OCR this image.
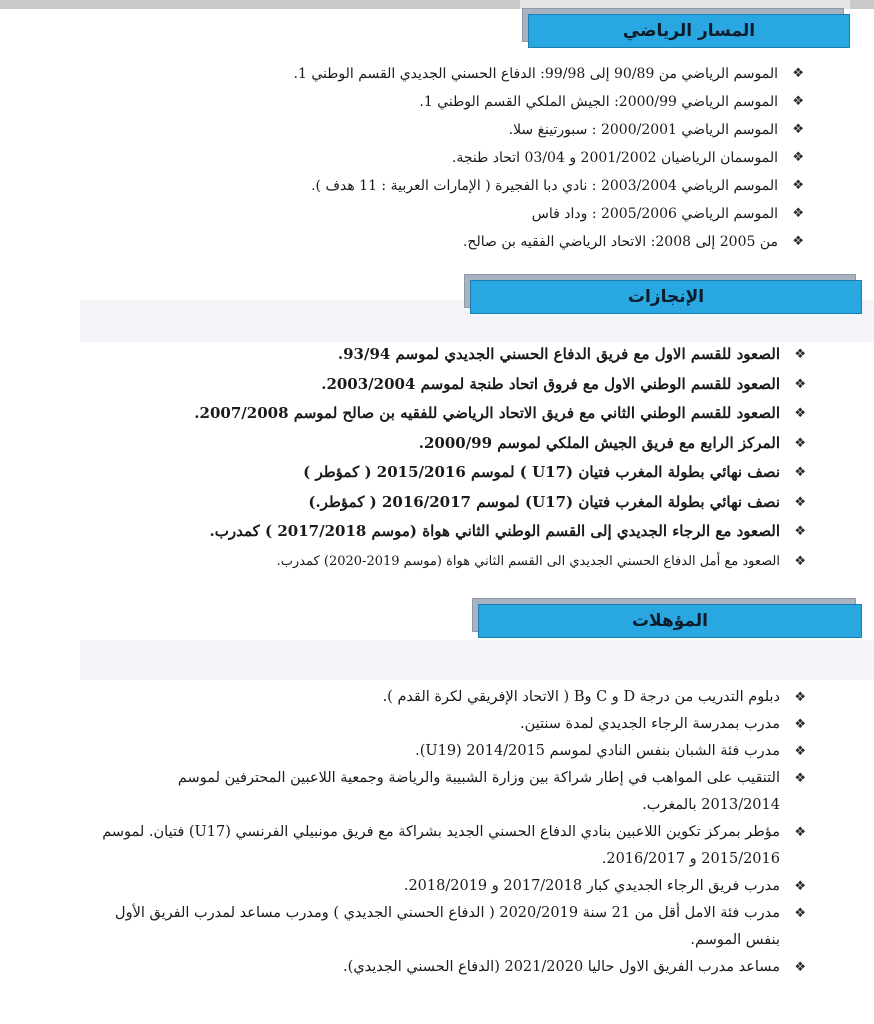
المسار الرياضي
❖ الموسم الرياضي من 90/89 إلى 99/98: الدفاع الحسني الجديدي القسم الوطني 1.
❖ الموسم الرياضي 2000/99: الجيش الملكي القسم الوطني 1.
❖ الموسم الرياضي 2000/2001 : سبورتينغ سلا.
❖ الموسمان الرياضيان 2001/2002 و 03/04 اتحاد طنجة.
❖ الموسم الرياضي 2003/2004 : نادي دبا الفجيرة ( الإمارات العربية : 11 هدف ).
❖ الموسم الرياضي 2005/2006 : وداد فاس
❖ من 2005 إلى 2008: الاتحاد الرياضي الفقيه بن صالح.
الإنجازات
❖ الصعود للقسم الاول مع فريق الدفاع الحسني الجديدي لموسم 93/94.
❖ الصعود للقسم الوطني الاول مع فروق اتحاد طنجة لموسم 2003/2004.
❖ الصعود للقسم الوطني الثاني مع فريق الاتحاد الرياضي للفقيه بن صالح لموسم 2007/2008.
❖ المركز الرابع مع فريق الجيش الملكي لموسم 2000/99.
❖ نصف نهائي بطولة المغرب فتيان (U17 ) لموسم 2015/2016 ( كمؤطر )
❖ نصف نهائي بطولة المغرب فتيان (U17) لموسم 2016/2017 ( كمؤطر.)
❖ الصعود مع الرجاء الجديدي إلى القسم الوطني الثاني هواة (موسم 2017/2018 ) كمدرب.
❖ الصعود مع أمل الدفاع الحسني الجديدي الى القسم الثاني هواة (موسم 2019-2020) كمدرب.
المؤهلات
❖ دبلوم التدريب من درجة D و C وB ( الاتحاد الإفريقي لكرة القدم ).
❖ مدرب بمدرسة الرجاء الجديدي لمدة سنتين.
❖ مدرب فئة الشبان بنفس النادي لموسم 2014/2015 (U19).
❖ التنقيب على المواهب في إطار شراكة بين وزارة الشبيبة والرياضة وجمعية اللاعبين المحترفين لموسم 2013/2014 بالمغرب.
❖ مؤطر بمركز تكوين اللاعبين بنادي الدفاع الحسني الجديد بشراكة مع فريق مونبيلي الفرنسي (U17) فتيان. لموسم 2015/2016 و 2016/2017.
❖ مدرب فريق الرجاء الجديدي كبار 2017/2018 و 2018/2019.
❖ مدرب فئة الامل أقل من 21 سنة 2020/2019 ( الدفاع الحسني الجديدي ) ومدرب مساعد لمدرب الفريق الأول بنفس الموسم.
❖ مساعد مدرب الفريق الاول حاليا 2021/2020 (الدفاع الحسني الجديدي).
